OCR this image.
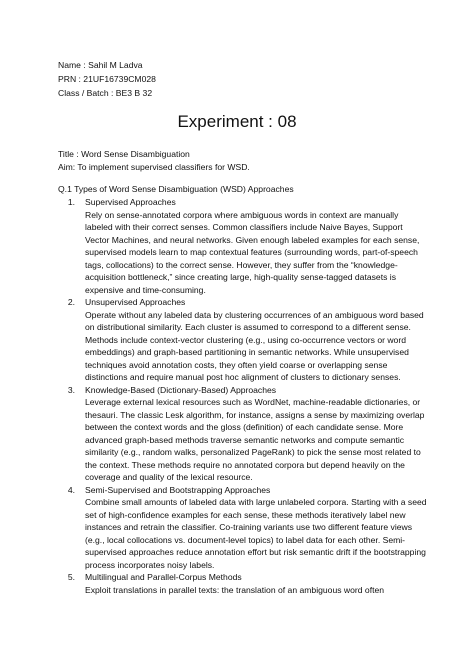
Name : Sahil M Ladva
PRN : 21UF16739CM028
Class / Batch : BE3 B 32
Experiment : 08
Title : Word Sense Disambiguation
Aim: To implement supervised classifiers for WSD.
Q.1 Types of Word Sense Disambiguation (WSD) Approaches
1.	Supervised Approaches
Rely on sense-annotated corpora where ambiguous words in context are manually labeled with their correct senses. Common classifiers include Naive Bayes, Support Vector Machines, and neural networks. Given enough labeled examples for each sense, supervised models learn to map contextual features (surrounding words, part-of-speech tags, collocations) to the correct sense. However, they suffer from the “knowledge-acquisition bottleneck,” since creating large, high-quality sense-tagged datasets is expensive and time-consuming.
2.	Unsupervised Approaches
Operate without any labeled data by clustering occurrences of an ambiguous word based on distributional similarity. Each cluster is assumed to correspond to a different sense. Methods include context-vector clustering (e.g., using co-occurrence vectors or word embeddings) and graph-based partitioning in semantic networks. While unsupervised techniques avoid annotation costs, they often yield coarse or overlapping sense distinctions and require manual post hoc alignment of clusters to dictionary senses.
3.	Knowledge-Based (Dictionary-Based) Approaches
Leverage external lexical resources such as WordNet, machine-readable dictionaries, or thesauri. The classic Lesk algorithm, for instance, assigns a sense by maximizing overlap between the context words and the gloss (definition) of each candidate sense. More advanced graph-based methods traverse semantic networks and compute semantic similarity (e.g., random walks, personalized PageRank) to pick the sense most related to the context. These methods require no annotated corpora but depend heavily on the coverage and quality of the lexical resource.
4.	Semi-Supervised and Bootstrapping Approaches
Combine small amounts of labeled data with large unlabeled corpora. Starting with a seed set of high-confidence examples for each sense, these methods iteratively label new instances and retrain the classifier. Co-training variants use two different feature views (e.g., local collocations vs. document-level topics) to label data for each other. Semi-supervised approaches reduce annotation effort but risk semantic drift if the bootstrapping process incorporates noisy labels.
5.	Multilingual and Parallel-Corpus Methods
Exploit translations in parallel texts: the translation of an ambiguous word often
